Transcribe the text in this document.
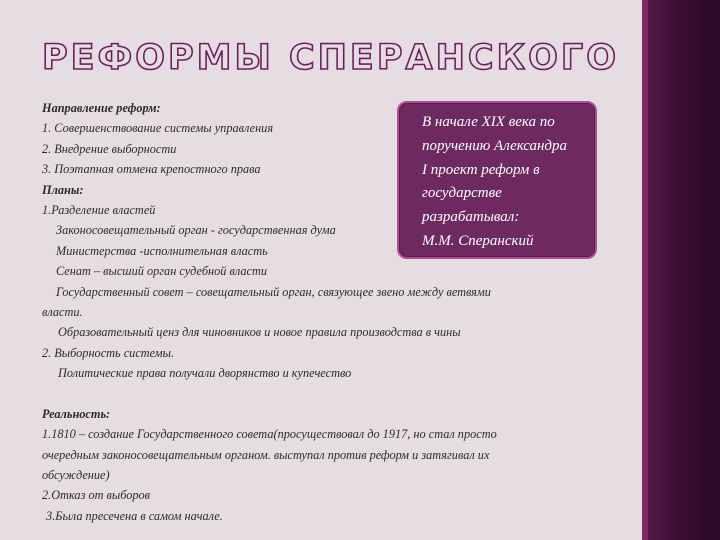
РЕФОРМЫ СПЕРАНСКОГО
Направление реформ:
1. Совершенствование системы управления
2. Внедрение выборности
3. Поэтапная отмена крепостного права
Планы:
1.Разделение властей
Законосовещательный орган - государственная дума
Министерства -исполнительная власть
Сенат – высший орган судебной власти
Государственный совет – совещательный орган, связующее звено между ветвями
власти.
Образовательный ценз для чиновников и новое правила производства в чины
2. Выборность системы.
Политические права получали дворянство и купечество
Реальность:
1.1810 – создание Государственного совета(просуществовал до 1917, но стал просто
очередным законосовещательным органом. выступал против реформ и затягивал их
обсуждение)
2.Отказ от выборов
3.Была пресечена в самом начале.
В начале XIX века по
поручению Александра
I проект реформ в
государстве
разрабатывал:
М.М. Сперанский
